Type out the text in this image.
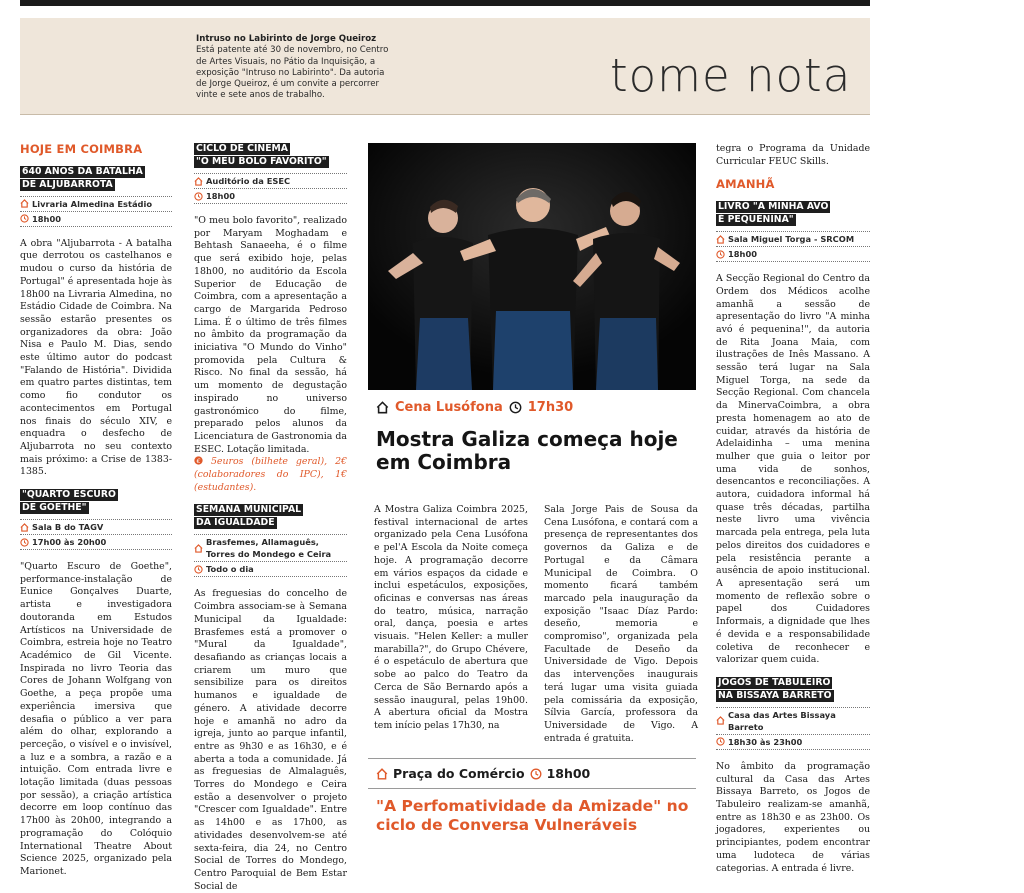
Intruso no Labirinto de Jorge Queiroz
Está patente até 30 de novembro, no Centro de Artes Visuais, no Pátio da Inquisição, a exposição "Intruso no Labirinto". Da autoria de Jorge Queiroz, é um convite a percorrer vinte e sete anos de trabalho.	tome nota
HOJE EM COIMBRA
640 ANOS DA BATALHA
DE ALJUBARROTA
Livraria Almedina Estádio
18h00

A obra "Aljubarrota - A batalha que derrotou os castelhanos e mudou o curso da história de Portugal" é apresentada hoje às 18h00 na Livraria Almedina, no Estádio Cidade de Coimbra. Na sessão estarão presentes os organizadores da obra: João Nisa e Paulo M. Dias, sendo este último autor do podcast "Falando de História". Dividida em quatro partes distintas, tem como fio condutor os acontecimentos em Portugal nos finais do século XIV, e enquadra o desfecho de Aljubarrota no seu contexto mais próximo: a Crise de 1383-1385.

"QUARTO ESCURO
DE GOETHE"
Sala B do TAGV
17h00 às 20h00

"Quarto Escuro de Goethe", performance-instalação de Eunice Gonçalves Duarte, artista e investigadora doutoranda em Estudos Artísticos na Universidade de Coimbra, estreia hoje no Teatro Académico de Gil Vicente. Inspirada no livro Teoria das Cores de Johann Wolfgang von Goethe, a peça propõe uma experiência imersiva que desafia o público a ver para além do olhar, explorando a perceção, o visível e o invisível, a luz e a sombra, a razão e a intuição. Com entrada livre e lotação limitada (duas pessoas por sessão), a criação artística decorre em loop contínuo das 17h00 às 20h00, integrando a programação do Colóquio International Theatre About Science 2025, organizado pela Marionet.

CICLO DE CINEMA
"O MEU BOLO FAVORITO"
Auditório da ESEC
18h00

"O meu bolo favorito", realizado por Maryam Moghadam e Behtash Sanaeeha, é o filme que será exibido hoje, pelas 18h00, no auditório da Escola Superior de Educação de Coimbra, com a apresentação a cargo de Margarida Pedroso Lima. É o último de três filmes no âmbito da programação da iniciativa "O Mundo do Vinho" promovida pela Cultura & Risco. No final da sessão, há um momento de degustação inspirado no universo gastronómico do filme, preparado pelos alunos da Licenciatura de Gastronomia da ESEC. Lotação limitada.

€ 5euros (bilhete geral), 2€ (colaboradores do IPC), 1€ (estudantes).

SEMANA MUNICIPAL
DA IGUALDADE
Brasfemes, Allamaguês, Torres do Mondego e Ceira
Todo o dia

As freguesias do concelho de Coimbra associam-se à Semana Municipal da Igualdade: Brasfemes está a promover o "Mural da Igualdade", desafiando as crianças locais a criarem um muro que sensibilize para os direitos humanos e igualdade de género. A atividade decorre hoje e amanhã no adro da igreja, junto ao parque infantil, entre as 9h30 e as 16h30, e é aberta a toda a comunidade. Já as freguesias de Almalaguês, Torres do Mondego e Ceira estão a desenvolver o projeto "Crescer com Igualdade". Entre as 14h00 e as 17h00, as atividades desenvolvem-se até sexta-feira, dia 24, no Centro Social de Torres do Mondego, Centro Paroquial de Bem Estar Social de

Cena Lusófona 17h30
Mostra Galiza começa hoje em Coimbra

A Mostra Galiza Coimbra 2025, festival internacional de artes organizado pela Cena Lusófona e pel'A Escola da Noite começa hoje. A programação decorre em vários espaços da cidade e inclui espetáculos, exposições, oficinas e conversas nas áreas do teatro, música, narração oral, dança, poesia e artes visuais. "Helen Keller: a muller marabilla?", do Grupo Chévere, é o espetáculo de abertura que sobe ao palco do Teatro da Cerca de São Bernardo após a sessão inaugural, pelas 19h00. A abertura oficial da Mostra tem início pelas 17h30, na

Sala Jorge Pais de Sousa da Cena Lusófona, e contará com a presença de representantes dos governos da Galiza e de Portugal e da Câmara Municipal de Coimbra. O momento ficará também marcado pela inauguração da exposição "Isaac Díaz Pardo: deseño, memoria e compromiso", organizada pela Facultade de Deseño da Universidade de Vigo. Depois das intervenções inaugurais terá lugar uma visita guiada pela comissária da exposição, Sílvia García, professora da Universidade de Vigo. A entrada é gratuita.

Praça do Comércio 18h00
"A Perfomatividade da Amizade" no ciclo de Conversa Vulneráveis

tegra o Programa da Unidade Curricular FEUC Skills.

AMANHÃ
LIVRO "A MINHA AVÓ
É PEQUENINA"
Sala Miguel Torga - SRCOM
18h00

A Secção Regional do Centro da Ordem dos Médicos acolhe amanhã a sessão de apresentação do livro "A minha avó é pequenina!", da autoria de Rita Joana Maia, com ilustrações de Inês Massano. A sessão terá lugar na Sala Miguel Torga, na sede da Secção Regional. Com chancela da MinervaCoimbra, a obra presta homenagem ao ato de cuidar, através da história de Adelaidinha – uma menina mulher que guia o leitor por uma vida de sonhos, desencantos e reconciliações. A autora, cuidadora informal há quase três décadas, partilha neste livro uma vivência marcada pela entrega, pela luta pelos direitos dos cuidadores e pela resistência perante a ausência de apoio institucional. A apresentação será um momento de reflexão sobre o papel dos Cuidadores Informais, a dignidade que lhes é devida e a responsabilidade coletiva de reconhecer e valorizar quem cuida.

JOGOS DE TABULEIRO
NA BISSAYA BARRETO
Casa das Artes Bissaya Barreto
18h30 às 23h00

No âmbito da programação cultural da Casa das Artes Bissaya Barreto, os Jogos de Tabuleiro realizam-se amanhã, entre as 18h30 e as 23h00. Os jogadores, experientes ou principiantes, podem encontrar uma ludoteca de várias categorias. A entrada é livre.
